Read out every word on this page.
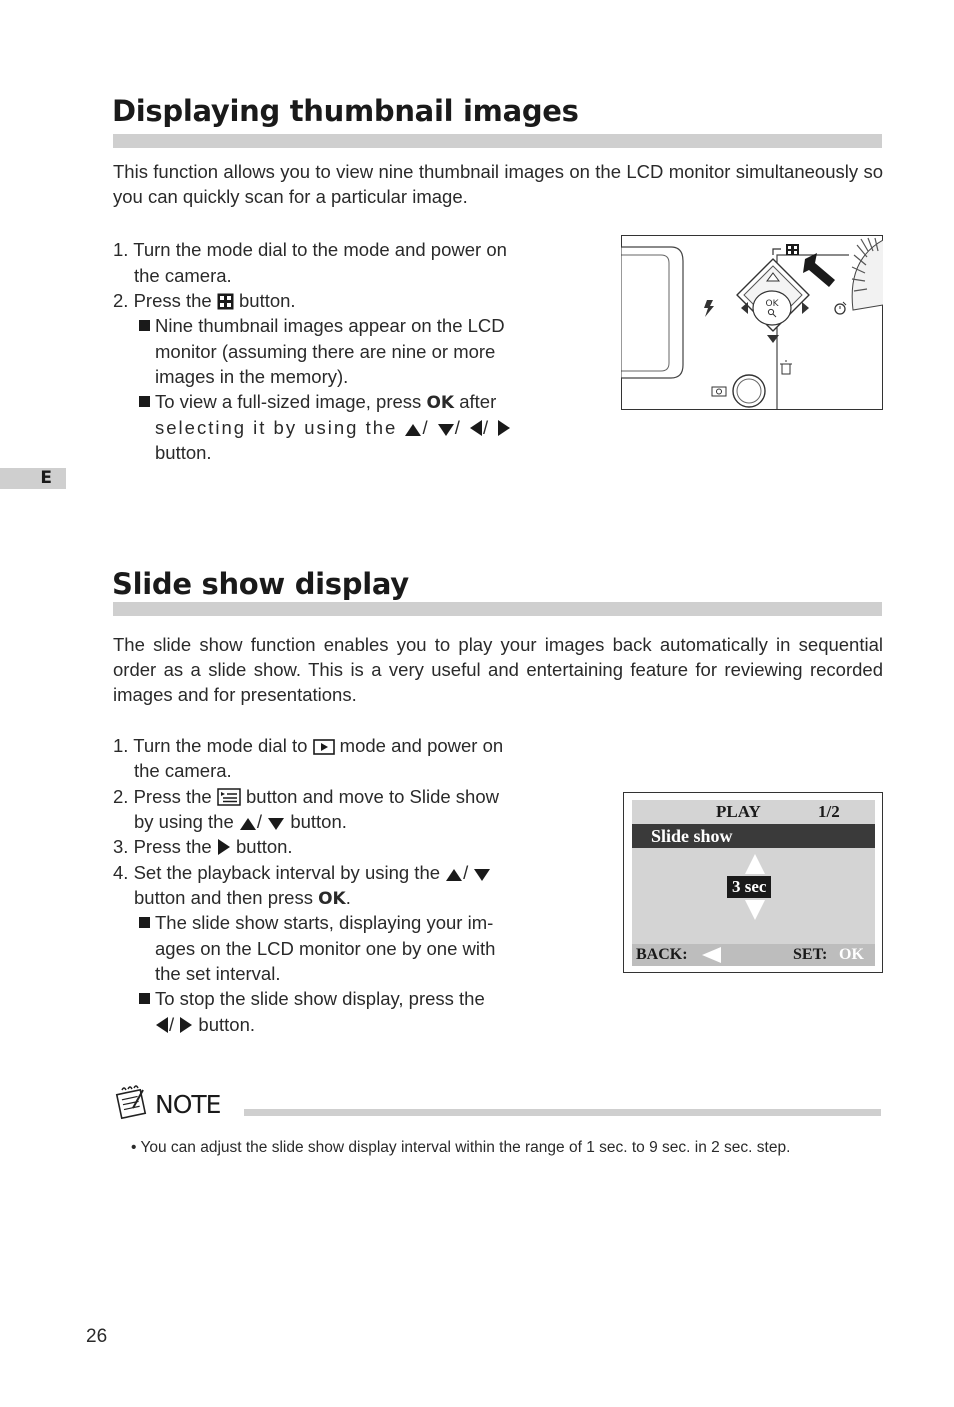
E
Displaying thumbnail images

This function allows you to view nine thumbnail images on the LCD monitor simultaneously so you can quickly scan for a particular image.

1. Turn the mode dial to the mode and power on
the camera.
2. Press the button.
Nine thumbnail images appear on the LCD
monitor (assuming there are nine or more
images in the memory).
To view a full-sized image, press OK after
selecting it by using the / / /
button.
OK
Slide show display

The slide show function enables you to play your images back automatically in sequential order as a slide show. This is a very useful and entertaining feature for reviewing recorded images and for presentations.

1. Turn the mode dial to mode and power on
the camera.
2. Press the button and move to Slide show
by using the / button.
3. Press the button.
4. Set the playback interval by using the /
button and then press OK.
The slide show starts, displaying your im-
ages on the LCD monitor one by one with
the set interval.
To stop the slide show display, press the
/ button.
PLAY	1/2
Slide show
3 sec
BACK:	SET: OK
NOTE
• You can adjust the slide show display interval within the range of 1 sec. to 9 sec. in 2 sec. step.
26
